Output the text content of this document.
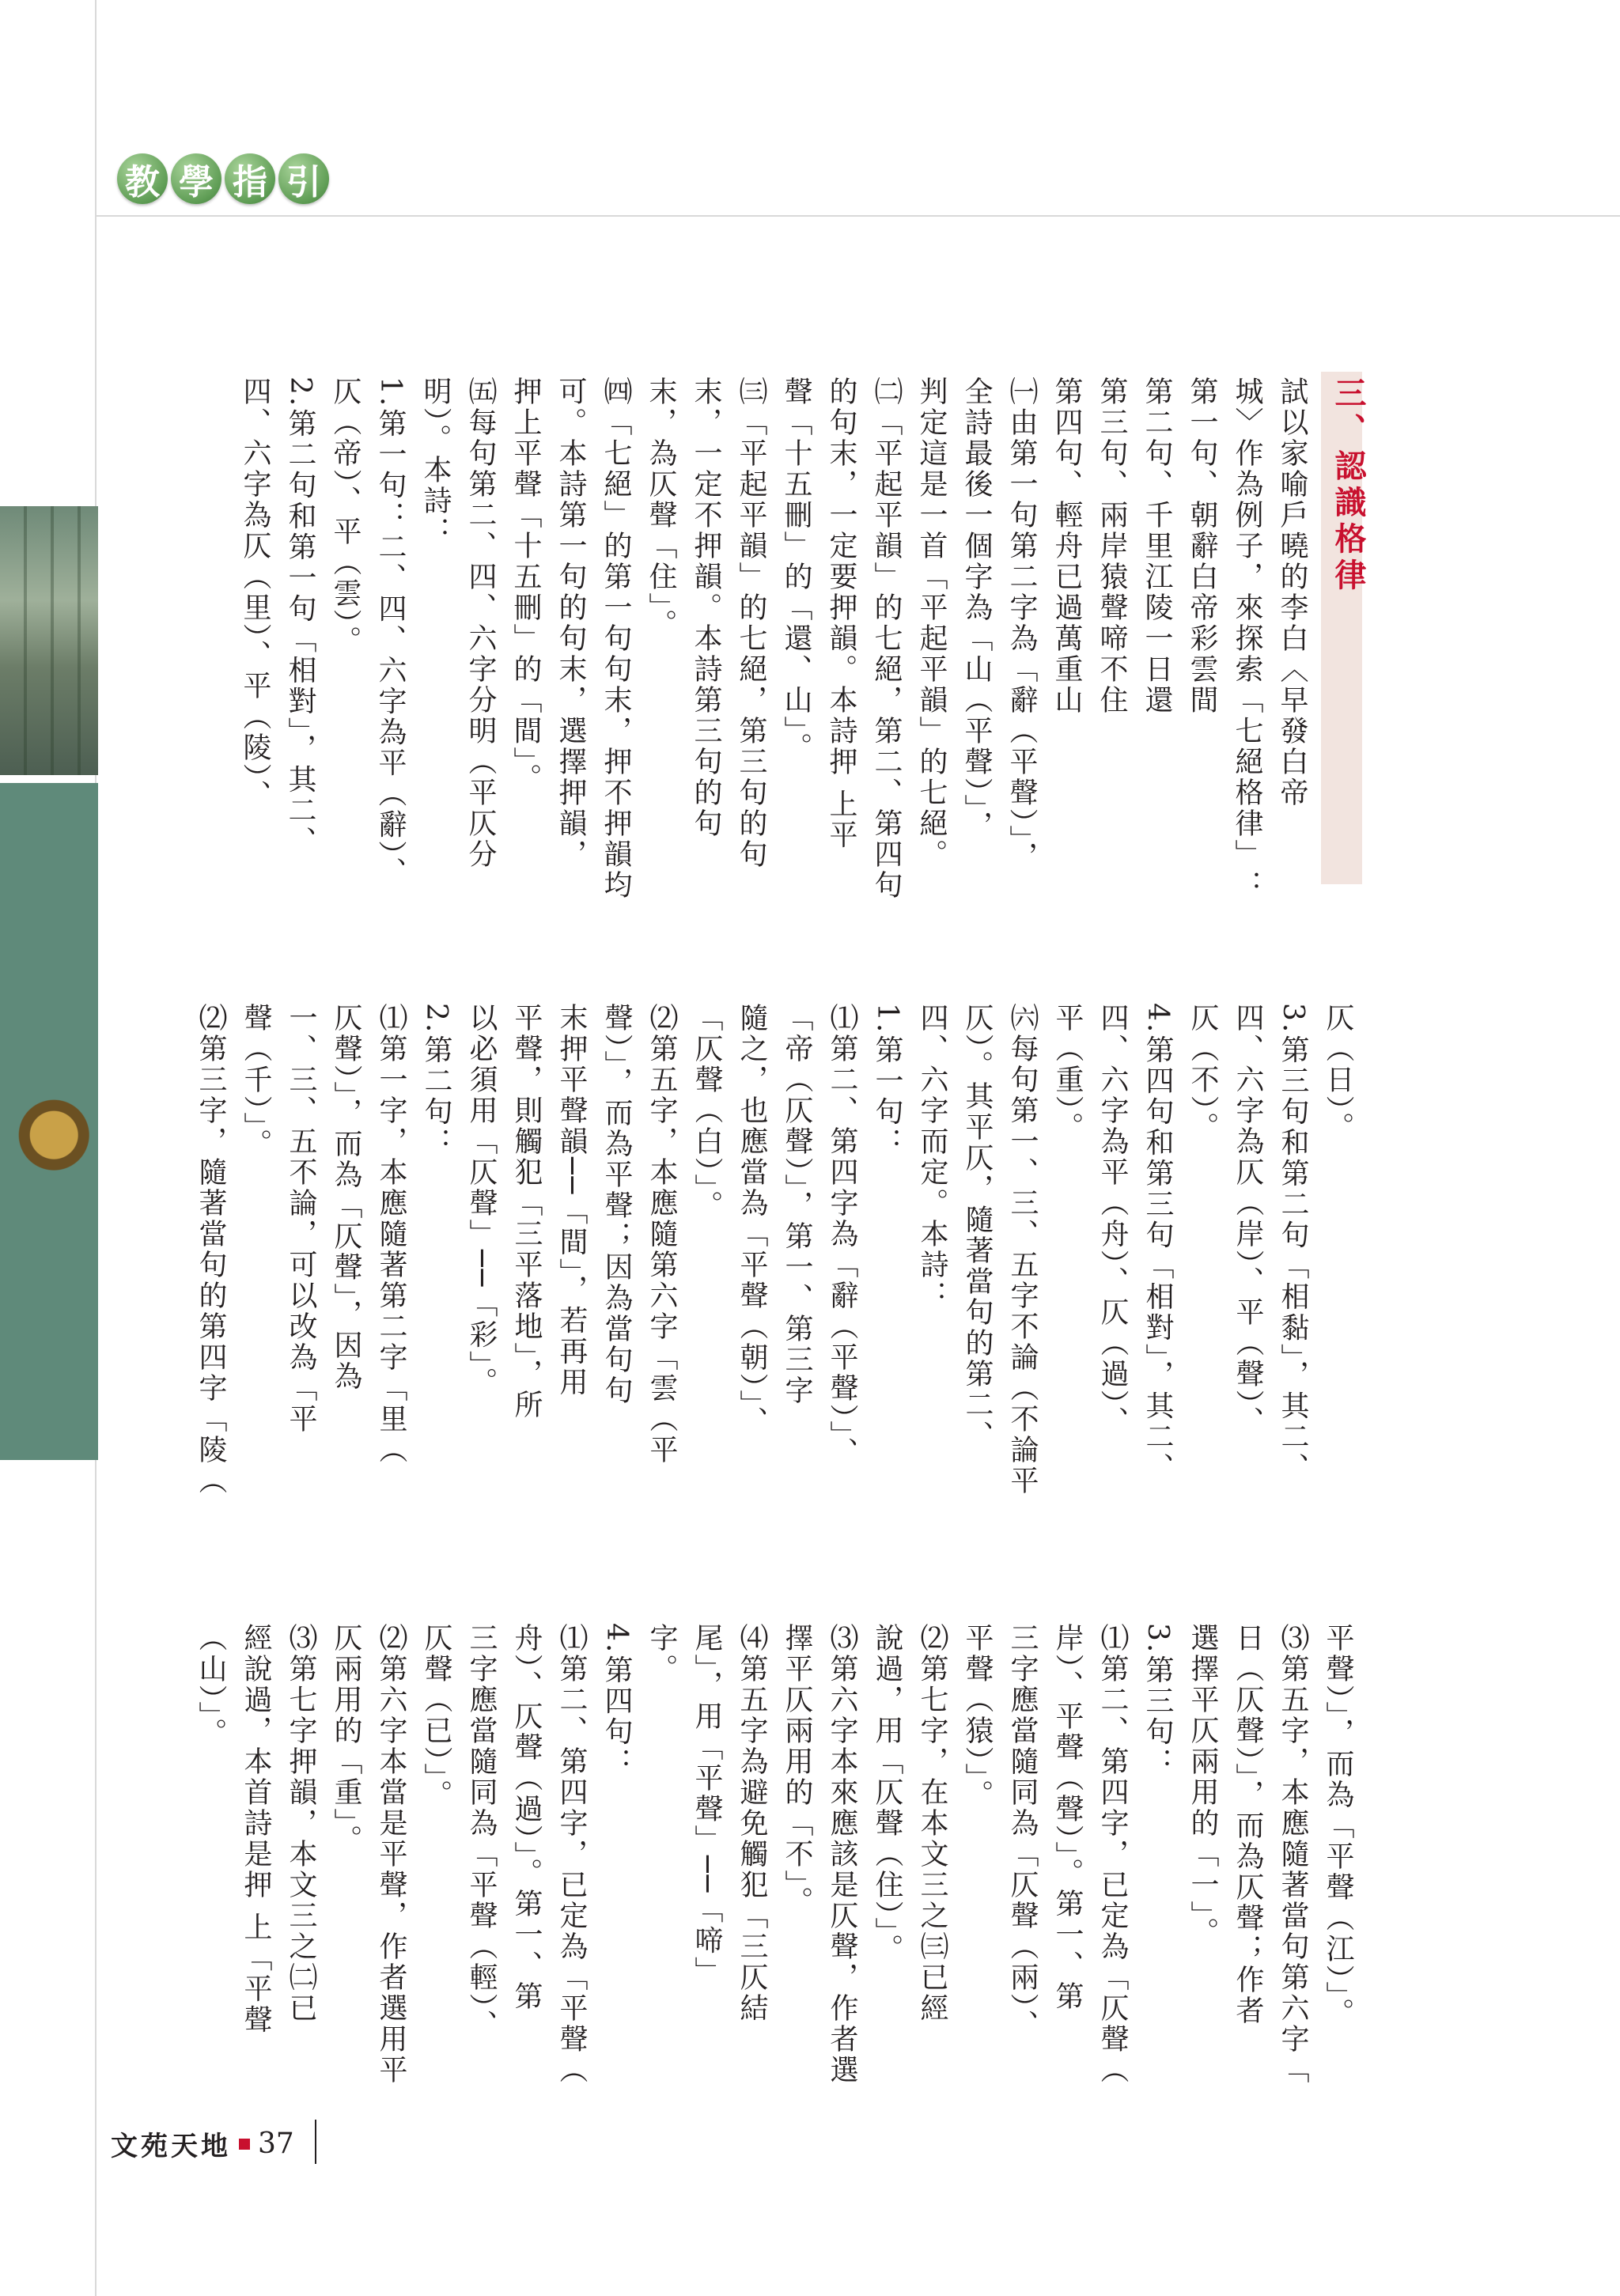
教 學 指 引
三、認識格律
試以家喻戶曉的李白〈早發白帝
城〉作為例子，來探索「七絕格律」：
第一句、朝辭白帝彩雲間
第二句、千里江陵一日還
第三句、兩岸猿聲啼不住
第四句、輕舟已過萬重山
㈠由第一句第二字為「辭（平聲）」，
全詩最後一個字為「山（平聲）」，
判定這是一首「平起平韻」的七絕。
㈡「平起平韻」的七絕，第二、第四句
的句末，一定要押韻。本詩押 上平
聲「十五刪」的「還、山」。
㈢「平起平韻」的七絕，第三句的句
末，一定不押韻。本詩第三句的句
末，為仄聲「住」。
㈣「七絕」的第一句句末，押不押韻均
可。本詩第一句的句末，選擇押韻，
押上平聲「十五刪」的「間」。
㈤每句第二、四、六字分明（平仄分
明）。本詩：
1.第一句：二、四、六字為平（辭）、
仄（帝）、平（雲）。
2.第二句和第一句「相對」，其二、
四、六字為仄（里）、平（陵）、
仄（日）。
3.第三句和第二句「相黏」，其二、
四、六字為仄（岸）、平（聲）、
仄（不）。
4.第四句和第三句「相對」，其二、
四、六字為平（舟）、仄（過）、
平（重）。
㈥每句第一、三、五字不論（不論平
仄）。其平仄，隨著當句的第二、
四、六字而定。本詩：
1.第一句：
⑴第二、第四字為「辭（平聲）」、
「帝（仄聲）」，第一、第三字
隨之，也應當為「平聲（朝）」、
「仄聲（白）」。
⑵第五字，本應隨第六字「雲（平
聲）」，而為平聲；因為當句句
末押平聲韻──「間」，若再用
平聲，則觸犯「三平落地」，所
以必須用「仄聲」──「彩」。
2.第二句：
⑴第一字，本應隨著第二字「里（
仄聲）」，而為「仄聲」，因為
一、三、五不論，可以改為「平
聲（千）」。
⑵第三字，隨著當句的第四字「陵（
平聲）」，而為「平聲（江）」。
⑶第五字，本應隨著當句第六字「
日（仄聲）」，而為仄聲；作者
選擇平仄兩用的「一」。
3.第三句：
⑴第二、第四字，已定為「仄聲（
岸）、平聲（聲）」。第一、第
三字應當隨同為「仄聲（兩）、
平聲（猿）」。
⑵第七字，在本文三之㈢已經
說過，用「仄聲（住）」。
⑶第六字本來應該是仄聲，作者選
擇平仄兩用的「不」。
⑷第五字為避免觸犯「三仄結
尾」，用「平聲」──「啼」
字。
4.第四句：
⑴第二、第四字，已定為「平聲（
舟）、仄聲（過）」。第一、第
三字應當隨同為「平聲（輕）、
仄聲（已）」。
⑵第六字本當是平聲，作者選用平
仄兩用的「重」。
⑶第七字押韻，本文三之㈡已
經說過，本首詩是押 上「平聲
（山）」。
文苑天地 37
